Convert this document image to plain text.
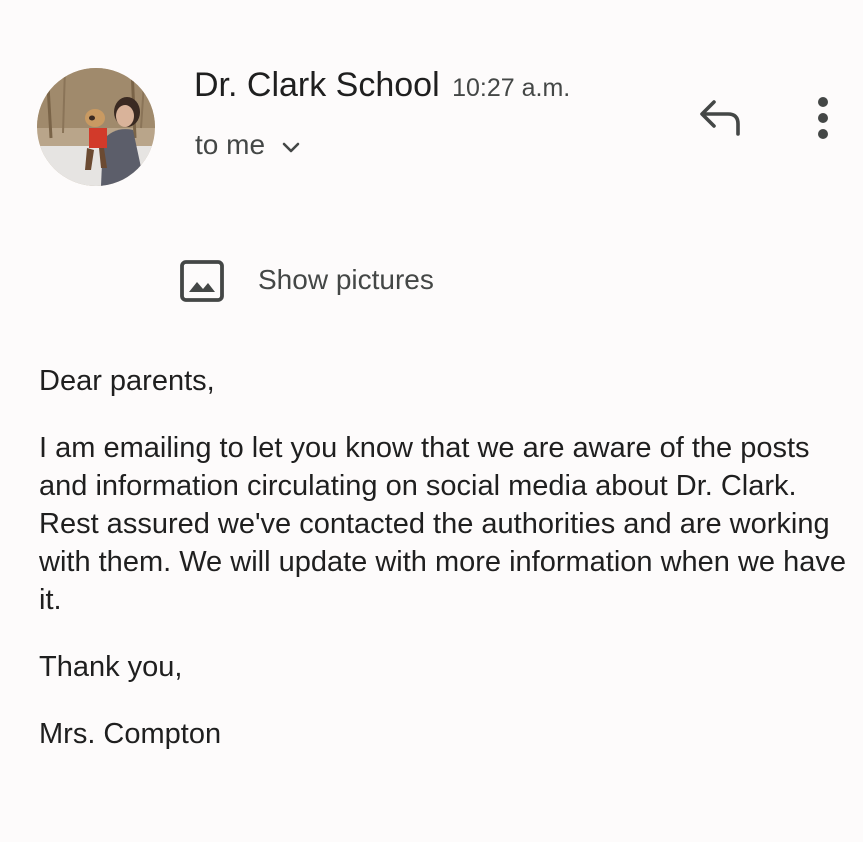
Dr. Clark School 10:27 a.m.
to me
Show pictures

Dear parents,

I am emailing to let you know that we are aware of the posts and information circulating on social media about Dr. Clark. Rest assured we've contacted the authorities and are working with them. We will update with more information when we have it.

Thank you,

Mrs. Compton
